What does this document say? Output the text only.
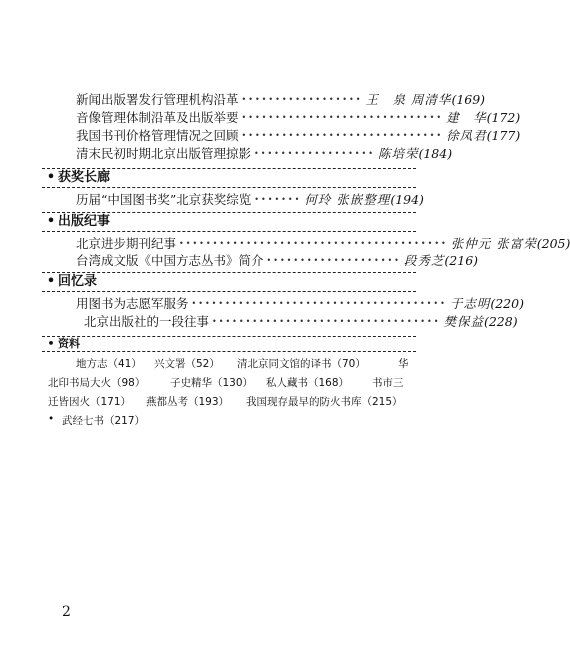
新闻出版署发行管理机构沿革 •••••••••••••••••• 王　泉 周清华 (169)
音像管理体制沿革及出版举要 •••••••••••••••••••••••••••••• 建　华 (172)
我国书刊价格管理情况之回顾 •••••••••••••••••••••••••••••• 徐凤君 (177)
清末民初时期北京出版管理掠影 •••••••••••••••••• 陈培荣 (184)
• 获奖长廊
历届“中国图书奖”北京获奖综览 ••••••• 何玲 张嵌整理 (194)
• 出版纪事
北京进步期刊纪事 •••••••••••••••••••••••••••••••••••••••• 张仲元 张富荣 (205)
台湾成文版《中国方志丛书》简介 •••••••••••••••••••• 段秀芝 (216)
• 回忆录
用图书为志愿军服务 •••••••••••••••••••••••••••••••••••••• 于志明 (220)
北京出版社的一段往事 •••••••••••••••••••••••••••••••••• 樊保益 (228)
• 资料
地方志（41） 兴文署（52） 清北京同文馆的译书（70）	华
北印书局大火（98） 子史精华（130） 私人藏书（168） 书市三
迁皆因火（171） 燕都丛考（193） 我国现存最早的防火书库（215）
• 武经七书（217）
2
